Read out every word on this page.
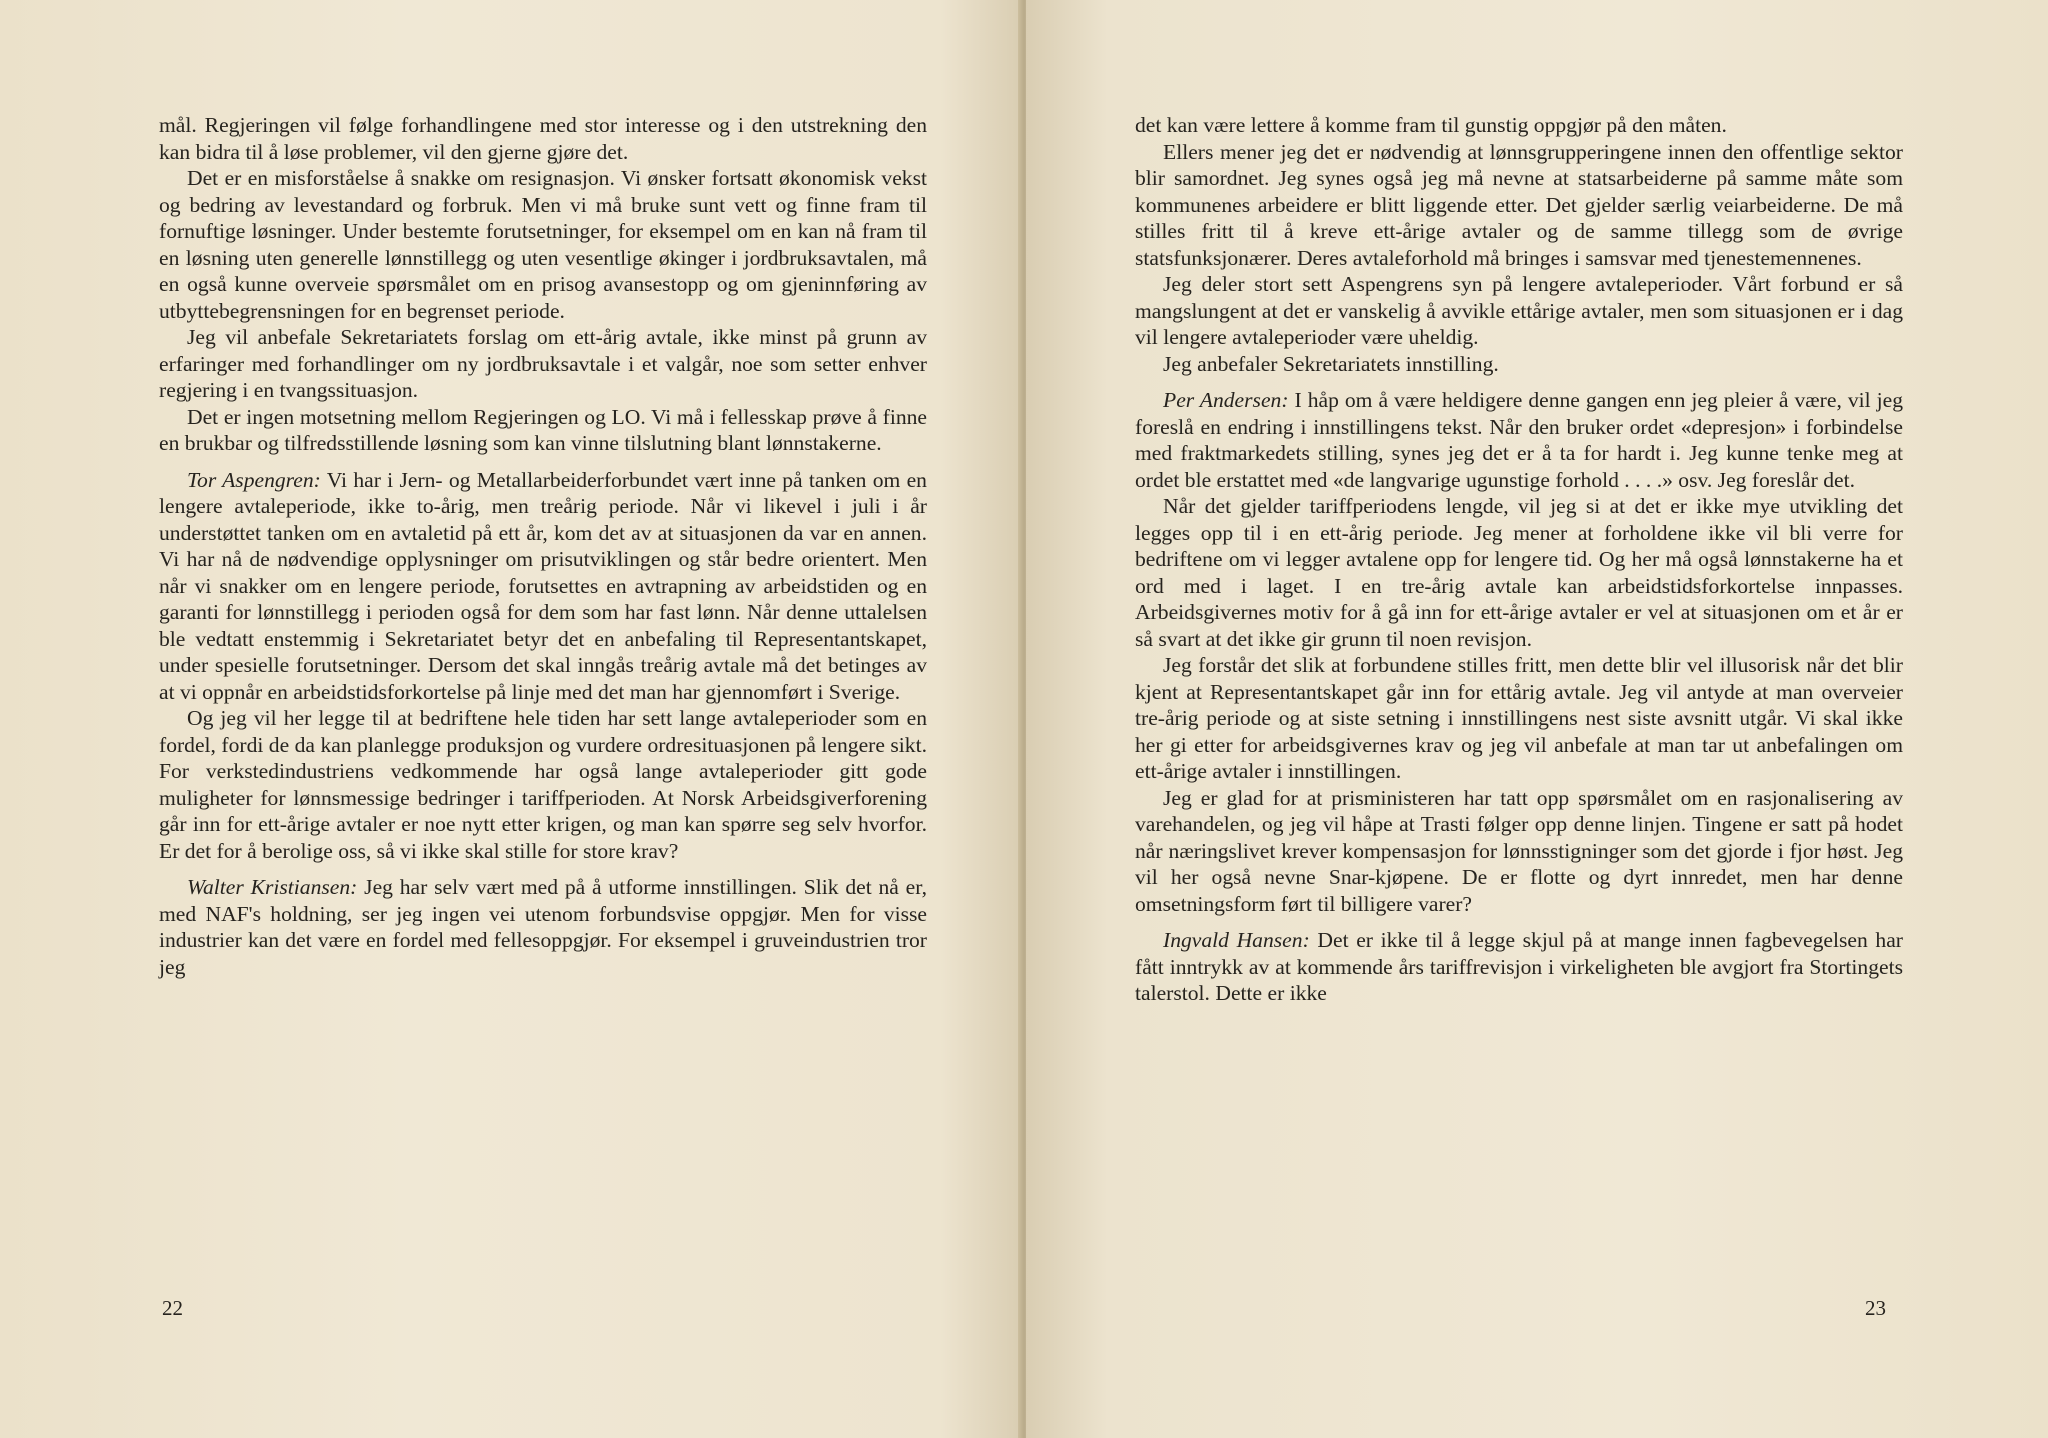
mål. Regjeringen vil følge forhandlingene med stor interesse og i den utstrekning den kan bidra til å løse problemer, vil den gjerne gjøre det.

Det er en misforståelse å snakke om resignasjon. Vi ønsker fortsatt økonomisk vekst og bedring av levestandard og forbruk. Men vi må bruke sunt vett og finne fram til fornuftige løsninger. Under bestemte forutsetninger, for eksempel om en kan nå fram til en løsning uten generelle lønnstillegg og uten vesentlige økinger i jordbruksavtalen, må en også kunne overveie spørsmålet om en prisog avansestopp og om gjeninnføring av utbyttebegrensningen for en begrenset periode.

Jeg vil anbefale Sekretariatets forslag om ett-årig avtale, ikke minst på grunn av erfaringer med forhandlinger om ny jordbruksavtale i et valgår, noe som setter enhver regjering i en tvangssituasjon.

Det er ingen motsetning mellom Regjeringen og LO. Vi må i fellesskap prøve å finne en brukbar og tilfredsstillende løsning som kan vinne tilslutning blant lønnstakerne.

Tor Aspengren: Vi har i Jern- og Metallarbeiderforbundet vært inne på tanken om en lengere avtaleperiode, ikke to-årig, men treårig periode. Når vi likevel i juli i år understøttet tanken om en avtaletid på ett år, kom det av at situasjonen da var en annen. Vi har nå de nødvendige opplysninger om prisutviklingen og står bedre orientert. Men når vi snakker om en lengere periode, forutsettes en avtrapning av arbeidstiden og en garanti for lønnstillegg i perioden også for dem som har fast lønn. Når denne uttalelsen ble vedtatt enstemmig i Sekretariatet betyr det en anbefaling til Representantskapet, under spesielle forutsetninger. Dersom det skal inngås treårig avtale må det betinges av at vi oppnår en arbeidstidsforkortelse på linje med det man har gjennomført i Sverige.

Og jeg vil her legge til at bedriftene hele tiden har sett lange avtaleperioder som en fordel, fordi de da kan planlegge produksjon og vurdere ordresituasjonen på lengere sikt. For verkstedindustriens vedkommende har også lange avtaleperioder gitt gode muligheter for lønnsmessige bedringer i tariffperioden. At Norsk Arbeidsgiverforening går inn for ett-årige avtaler er noe nytt etter krigen, og man kan spørre seg selv hvorfor. Er det for å berolige oss, så vi ikke skal stille for store krav?

Walter Kristiansen: Jeg har selv vært med på å utforme innstillingen. Slik det nå er, med NAF's holdning, ser jeg ingen vei utenom forbundsvise oppgjør. Men for visse industrier kan det være en fordel med fellesoppgjør. For eksempel i gruveindustrien tror jeg

22

det kan være lettere å komme fram til gunstig oppgjør på den måten.

Ellers mener jeg det er nødvendig at lønnsgrupperingene innen den offentlige sektor blir samordnet. Jeg synes også jeg må nevne at statsarbeiderne på samme måte som kommunenes arbeidere er blitt liggende etter. Det gjelder særlig veiarbeiderne. De må stilles fritt til å kreve ett-årige avtaler og de samme tillegg som de øvrige statsfunksjonærer. Deres avtaleforhold må bringes i samsvar med tjenestemennenes.

Jeg deler stort sett Aspengrens syn på lengere avtaleperioder. Vårt forbund er så mangslungent at det er vanskelig å avvikle ettårige avtaler, men som situasjonen er i dag vil lengere avtaleperioder være uheldig.

Jeg anbefaler Sekretariatets innstilling.

Per Andersen: I håp om å være heldigere denne gangen enn jeg pleier å være, vil jeg foreslå en endring i innstillingens tekst. Når den bruker ordet «depresjon» i forbindelse med fraktmarkedets stilling, synes jeg det er å ta for hardt i. Jeg kunne tenke meg at ordet ble erstattet med «de langvarige ugunstige forhold . . . .» osv. Jeg foreslår det.

Når det gjelder tariffperiodens lengde, vil jeg si at det er ikke mye utvikling det legges opp til i en ett-årig periode. Jeg mener at forholdene ikke vil bli verre for bedriftene om vi legger avtalene opp for lengere tid. Og her må også lønnstakerne ha et ord med i laget. I en tre-årig avtale kan arbeidstidsforkortelse innpasses. Arbeidsgivernes motiv for å gå inn for ett-årige avtaler er vel at situasjonen om et år er så svart at det ikke gir grunn til noen revisjon.

Jeg forstår det slik at forbundene stilles fritt, men dette blir vel illusorisk når det blir kjent at Representantskapet går inn for ettårig avtale. Jeg vil antyde at man overveier tre-årig periode og at siste setning i innstillingens nest siste avsnitt utgår. Vi skal ikke her gi etter for arbeidsgivernes krav og jeg vil anbefale at man tar ut anbefalingen om ett-årige avtaler i innstillingen.

Jeg er glad for at prisministeren har tatt opp spørsmålet om en rasjonalisering av varehandelen, og jeg vil håpe at Trasti følger opp denne linjen. Tingene er satt på hodet når næringslivet krever kompensasjon for lønnsstigninger som det gjorde i fjor høst. Jeg vil her også nevne Snar-kjøpene. De er flotte og dyrt innredet, men har denne omsetningsform ført til billigere varer?

Ingvald Hansen: Det er ikke til å legge skjul på at mange innen fagbevegelsen har fått inntrykk av at kommende års tariffrevisjon i virkeligheten ble avgjort fra Stortingets talerstol. Dette er ikke

23
